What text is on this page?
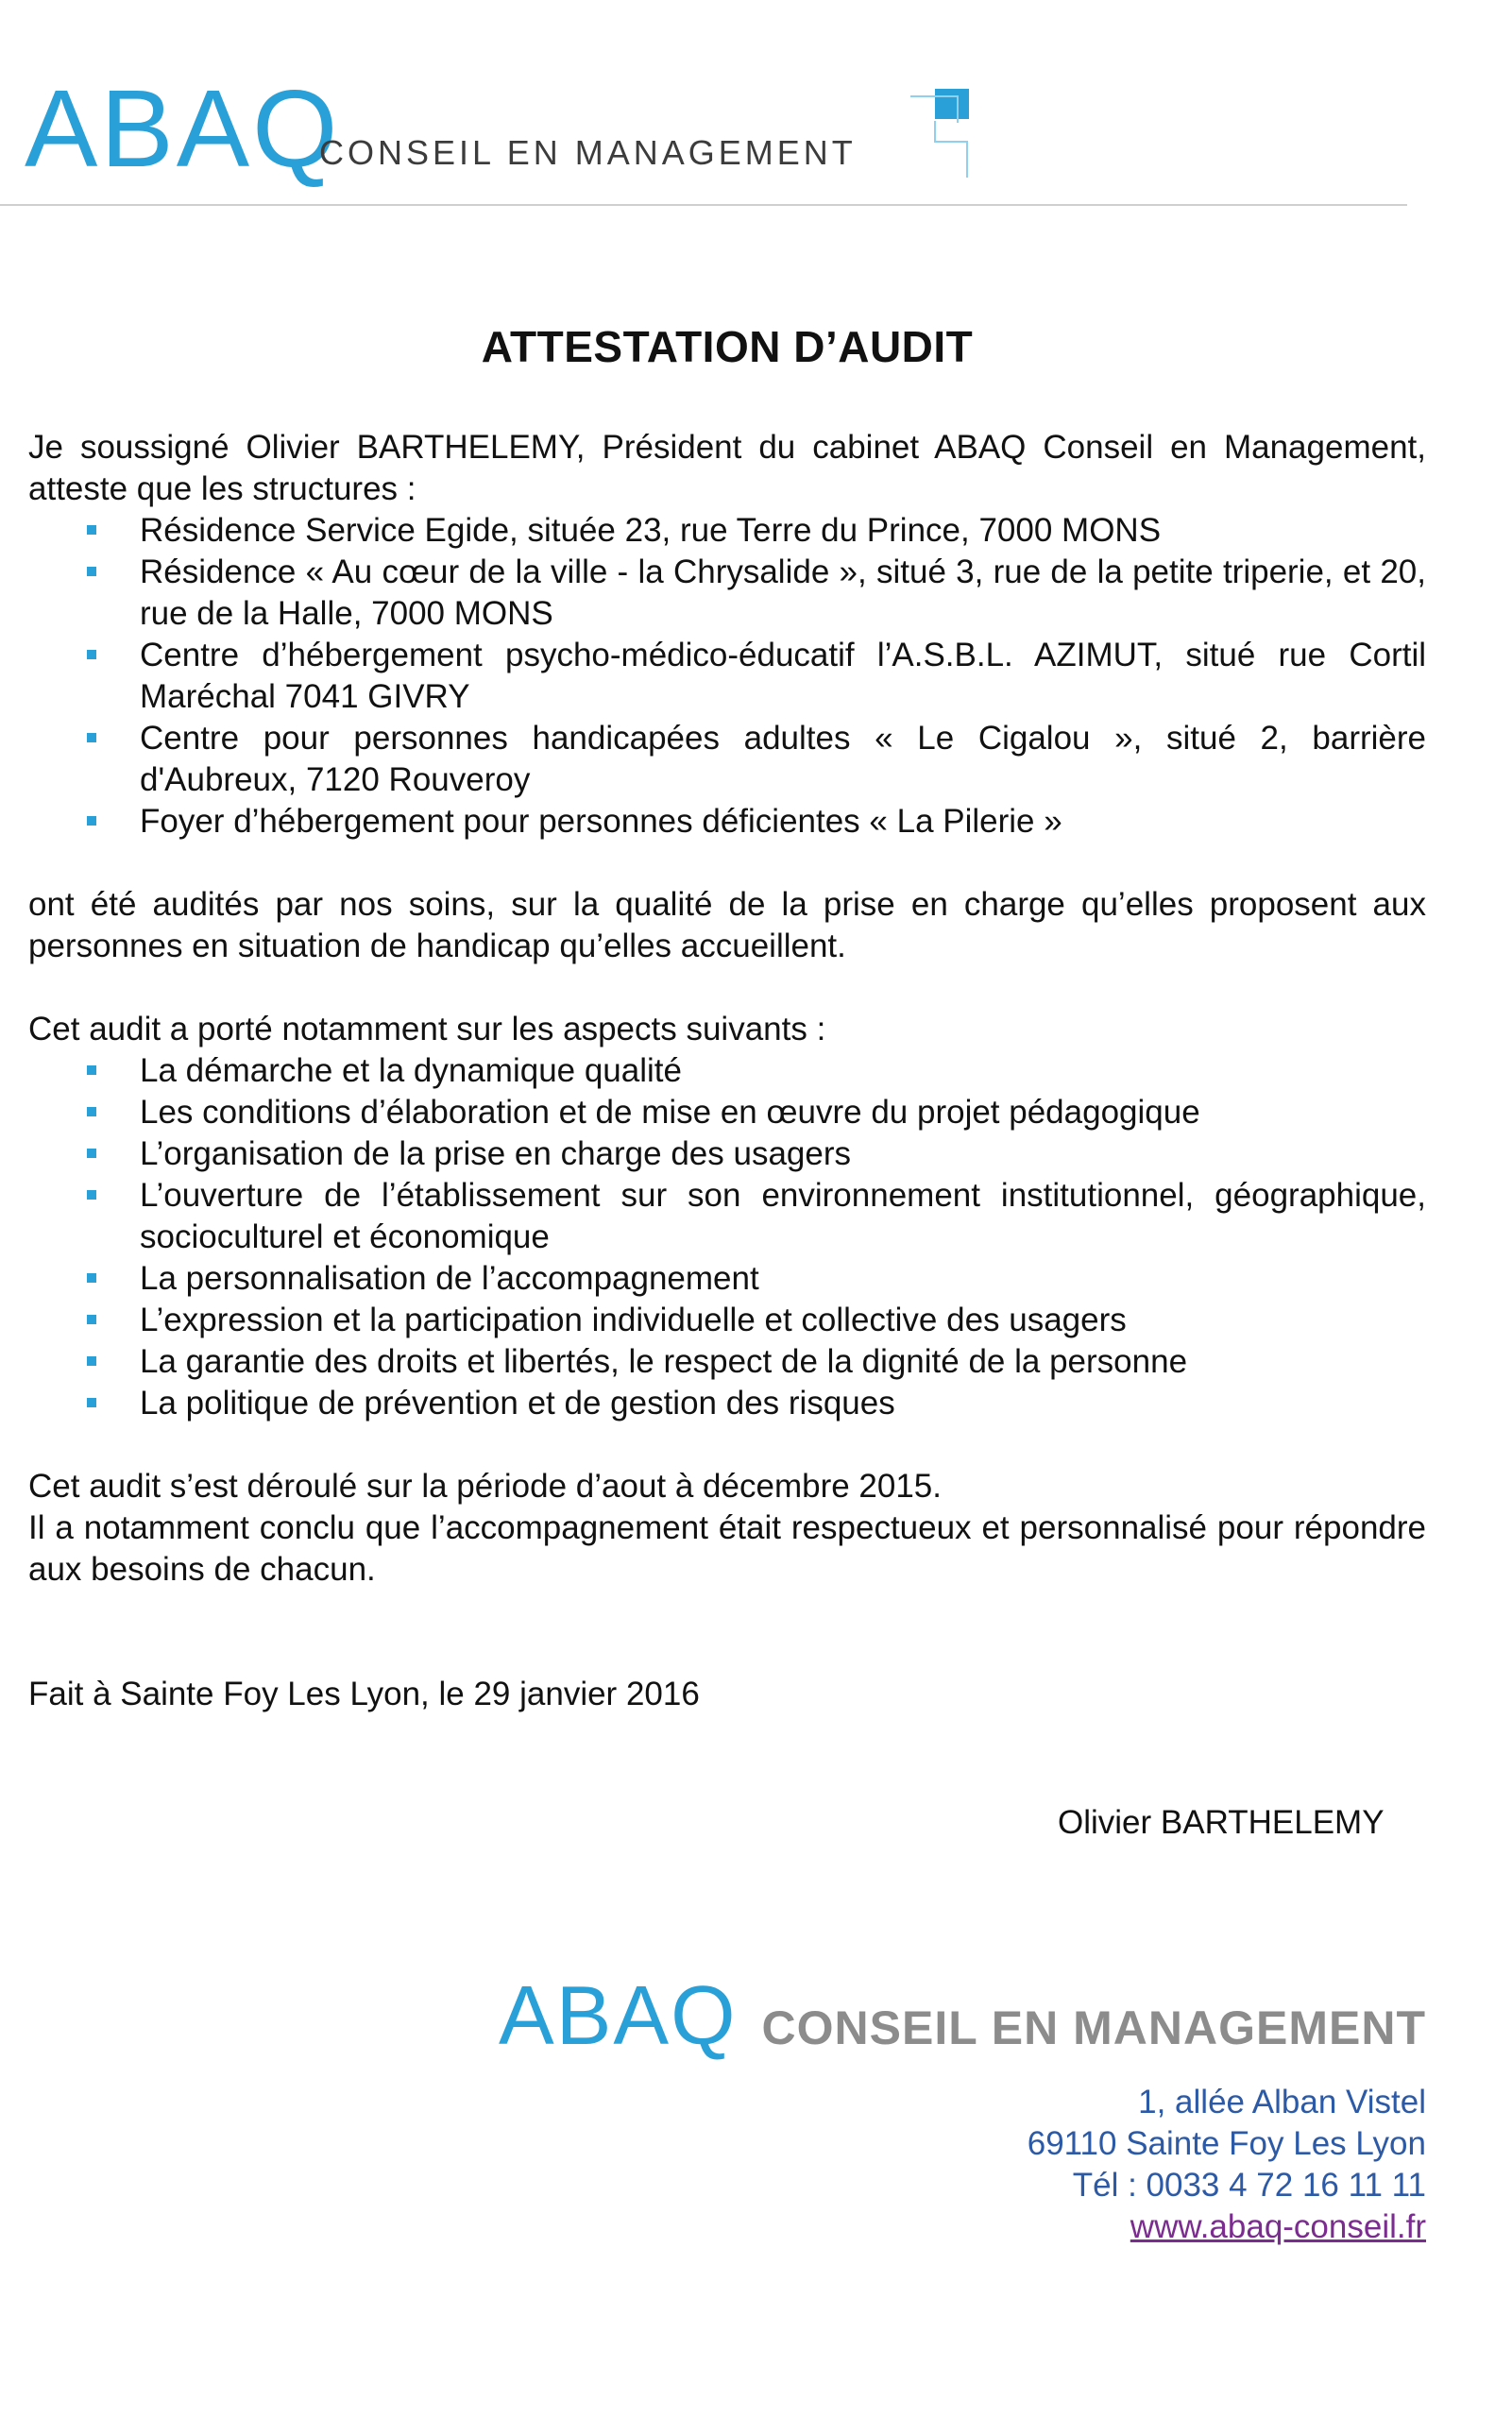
ABAQ
CONSEIL EN MANAGEMENT
ATTESTATION D’AUDIT

Je soussigné Olivier BARTHELEMY, Président du cabinet ABAQ Conseil en Management, atteste que les structures :

Résidence Service Egide, située 23, rue Terre du Prince, 7000 MONS
Résidence « Au cœur de la ville - la Chrysalide », situé 3, rue de la petite triperie, et 20, rue de la Halle, 7000 MONS
Centre d’hébergement psycho-médico-éducatif l’A.S.B.L. AZIMUT, situé rue Cortil Maréchal 7041 GIVRY
Centre pour personnes handicapées adultes « Le Cigalou », situé 2, barrière d'Aubreux, 7120 Rouveroy
Foyer d’hébergement pour personnes déficientes « La Pilerie »

ont été audités par nos soins, sur la qualité de la prise en charge qu’elles proposent aux personnes en situation de handicap qu’elles accueillent.

Cet audit a porté notamment sur les aspects suivants :

La démarche et la dynamique qualité
Les conditions d’élaboration et de mise en œuvre du projet pédagogique
L’organisation de la prise en charge des usagers
L’ouverture de l’établissement sur son environnement institutionnel, géographique, socioculturel et économique
La personnalisation de l’accompagnement
L’expression et la participation individuelle et collective des usagers
La garantie des droits et libertés, le respect de la dignité de la personne
La politique de prévention et de gestion des risques

Cet audit s’est déroulé sur la période d’aout à décembre 2015.

Il a notamment conclu que l’accompagnement était respectueux et personnalisé pour répondre aux besoins de chacun.

Fait à Sainte Foy Les Lyon, le 29 janvier 2016

Olivier BARTHELEMY
ABAQ CONSEIL EN MANAGEMENT
1, allée Alban Vistel
69110 Sainte Foy Les Lyon
Tél : 0033 4 72 16 11 11
www.abaq-conseil.fr
